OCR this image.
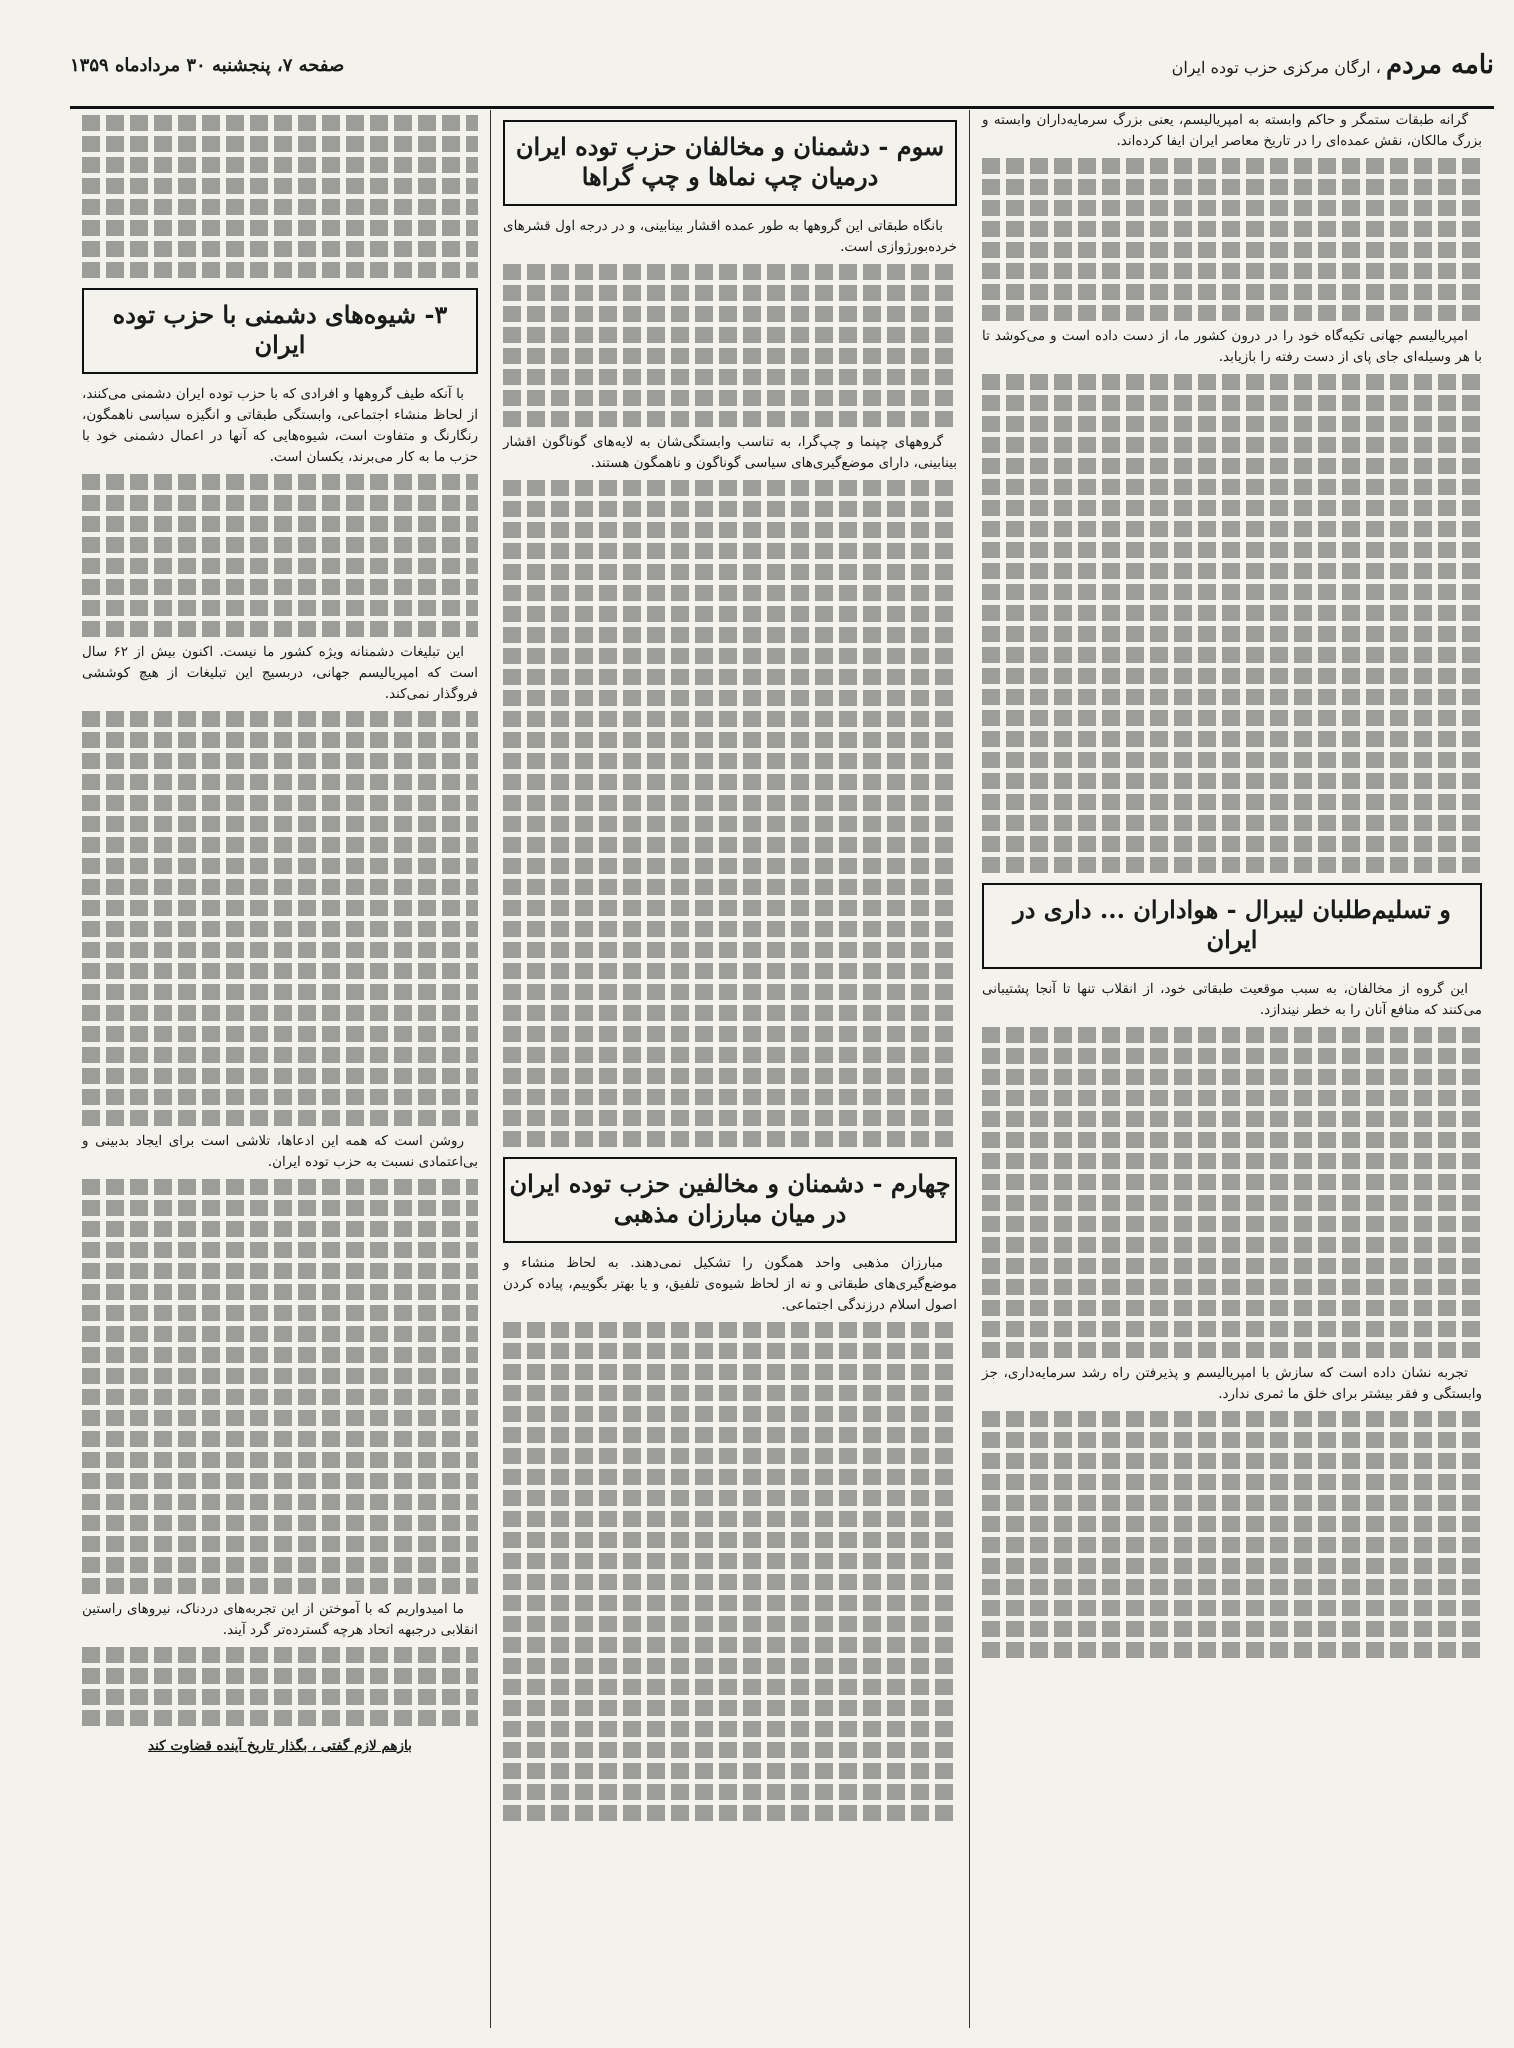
نامه مردم ، ارگان مرکزی حزب توده ایران
صفحه ۷، پنجشنبه ۳۰ مردادماه ۱۳۵۹

گرانه طبقات ستمگر و حاکم وابسته به امپریالیسم، یعنی بزرگ سرمایه‌داران وابسته و بزرگ مالکان، نقش عمده‌ای را در تاریخ معاصر ایران ایفا کرده‌اند.

امپریالیسم جهانی تکیه‌گاه خود را در درون کشور ما، از دست داده است و می‌کوشد تا با هر وسیله‌ای جای پای از دست رفته را بازیابد.

و تسلیم‌طلبان لیبرال - هواداران ... داری در ایران

این گروه از مخالفان، به سبب موقعیت طبقاتی خود، از انقلاب تنها تا آنجا پشتیبانی می‌کنند که منافع آنان را به خطر نیندازد.

تجربه نشان داده است که سازش با امپریالیسم و پذیرفتن راه رشد سرمایه‌داری، جز وابستگی و فقر بیشتر برای خلق ما ثمری ندارد.

سوم - دشمنان و مخالفان حزب توده ایران درمیان چپ نماها و چپ گراها

بانگاه طبقاتی این گروهها به طور عمده اقشار بینابینی، و در درجه اول قشرهای خرده‌بورژوازی است.

گروههای چپنما و چپ‌گرا، به تناسب وابستگی‌شان به لایه‌های گوناگون اقشار بینابینی، دارای موضع‌گیری‌های سیاسی گوناگون و ناهمگون هستند.

چهارم - دشمنان و مخالفین حزب توده ایران در میان مبارزان مذهبی

مبارزان مذهبی واحد همگون را تشکیل نمی‌دهند. به لحاظ منشاء و موضع‌گیری‌های طبقاتی و نه از لحاظ شیوه‌ی تلفیق، و یا بهتر بگوییم، پیاده کردن اصول اسلام درزندگی اجتماعی.

۳- شیوه‌های دشمنی با حزب توده ایران

با آنکه طیف گروهها و افرادی که با حزب توده ایران دشمنی می‌کنند، از لحاظ منشاء اجتماعی، وابستگی طبقاتی و انگیزه سیاسی ناهمگون، رنگارنگ و متفاوت است، شیوه‌هایی که آنها در اعمال دشمنی خود با حزب ما به کار می‌برند، یکسان است.

این تبلیغات دشمنانه ویژه کشور ما نیست. اکنون بیش از ۶۲ سال است که امپریالیسم جهانی، دربسیج این تبلیغات از هیچ کوششی فروگذار نمی‌کند.

روشن است که همه این ادعاها، تلاشی است برای ایجاد بدبینی و بی‌اعتمادی نسبت به حزب توده ایران.

ما امیدواریم که با آموختن از این تجربه‌های دردناک، نیروهای راستین انقلابی درجبهه اتحاد هرچه گسترده‌تر گرد آیند.

بازهم لازم گفتی ، بگذار تاریخ آینده قضاوت کند
